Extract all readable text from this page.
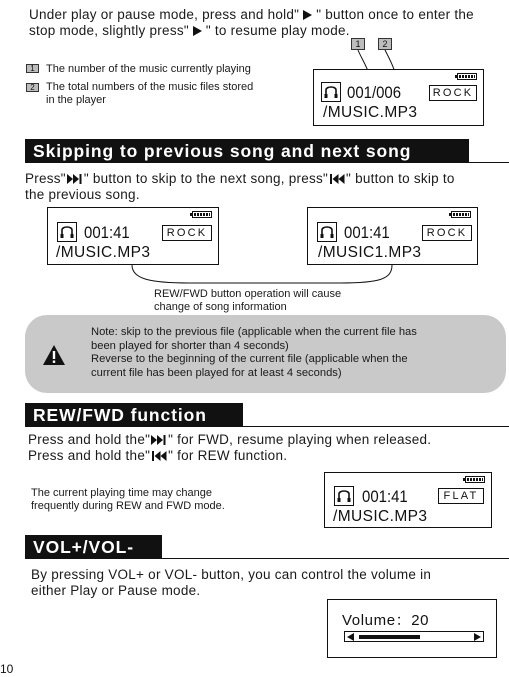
Under play or pause mode, press and hold" " button once to enter the
stop mode, slightly press" " to resume play mode.
1	2
1	The number of the music currently playing
2	The total numbers of the music files stored
in the player	001/006	ROCK
/MUSIC.MP3
Skipping to previous song and next song
Press" " button to skip to the next song, press" " button to skip to
the previous song.
001:41	ROCK
/MUSIC.MP3
001:41	ROCK
/MUSIC1.MP3
REW/FWD button operation will cause
change of song information
Note: skip to the previous file (applicable when the current file has
been played for shorter than 4 seconds)
Reverse to the beginning of the current file (applicable when the
current file has been played for at least 4 seconds)
REW/FWD function
Press and hold the" " for FWD, resume playing when released.
Press and hold the" " for REW function.
The current playing time may change
frequently during REW and FWD mode.	001:41	FLAT
/MUSIC.MP3
VOL+/VOL-
By pressing VOL+ or VOL- button, you can control the volume in
either Play or Pause mode.
Volume：20
10
